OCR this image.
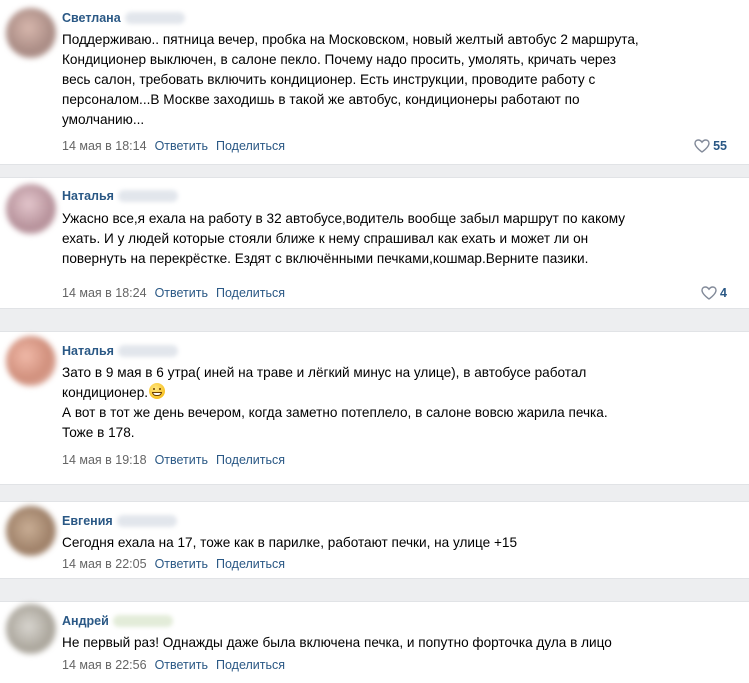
Светлана
Поддерживаю.. пятница вечер, пробка на Московском, новый желтый автобус 2 маршрута,
Кондиционер выключен, в салоне пекло. Почему надо просить, умолять, кричать через
весь салон, требовать включить кондиционер. Есть инструкции, проводите работу с
персоналом...В Москве заходишь в такой же автобус, кондиционеры работают по
умолчанию...
14 мая в 18:14 Ответить Поделиться	55
Наталья
Ужасно все,я ехала на работу в 32 автобусе,водитель вообще забыл маршрут по какому
ехать. И у людей которые стояли ближе к нему спрашивал как ехать и может ли он
повернуть на перекрёстке. Ездят с включёнными печками,кошмар.Верните пазики.
14 мая в 18:24 Ответить Поделиться	4
Наталья
Зато в 9 мая в 6 утра( иней на траве и лёгкий минус на улице), в автобусе работал
кондиционер.
А вот в тот же день вечером, когда заметно потеплело, в салоне вовсю жарила печка.
Тоже в 178.
14 мая в 19:18 Ответить Поделиться
Евгения
Сегодня ехала на 17, тоже как в парилке, работают печки, на улице +15
14 мая в 22:05 Ответить Поделиться
Андрей
Не первый раз! Однажды даже была включена печка, и попутно форточка дула в лицо
14 мая в 22:56 Ответить Поделиться
